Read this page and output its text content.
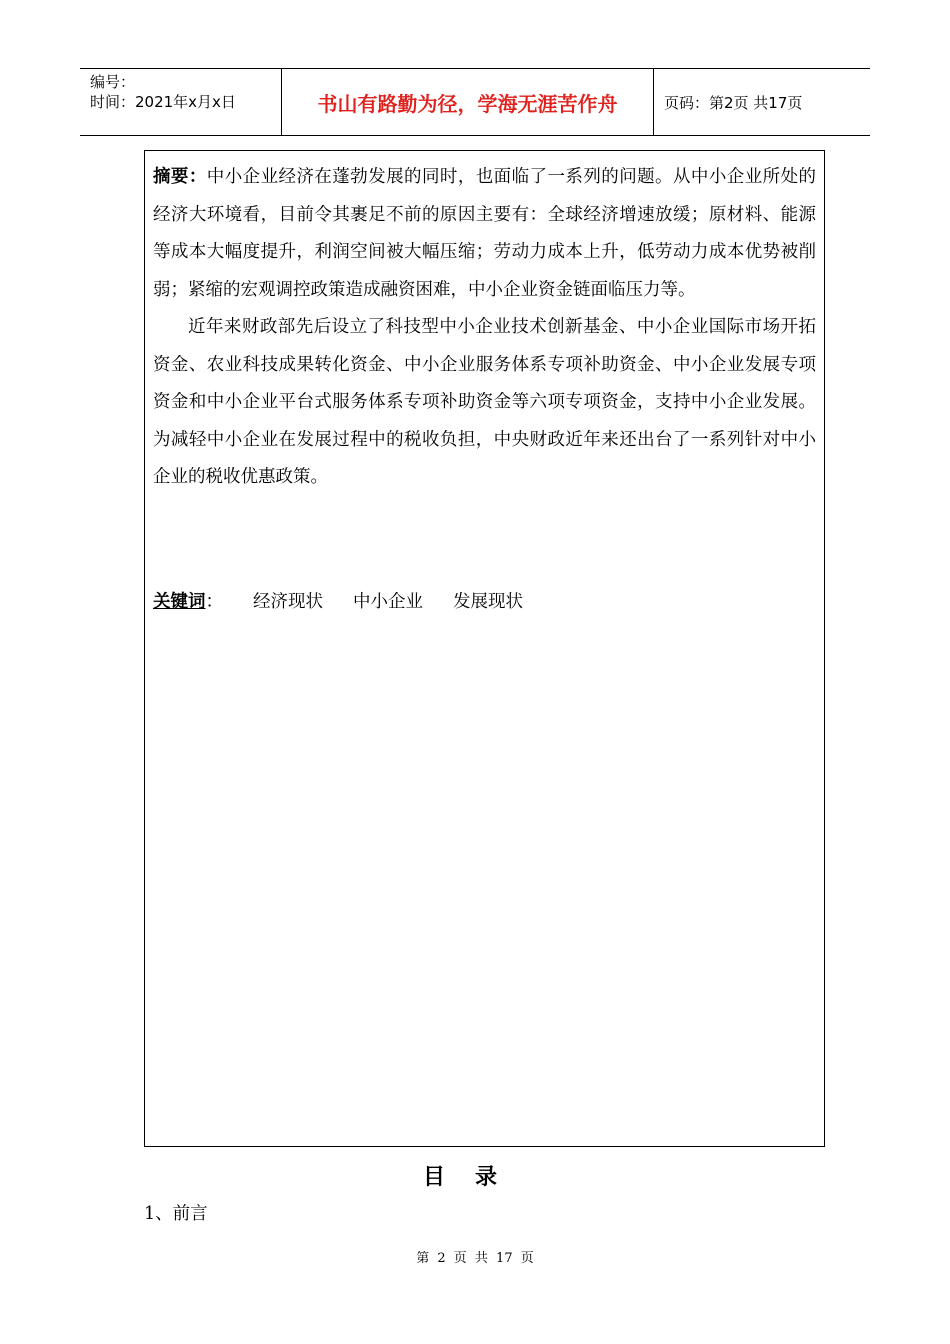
编号：
时间：2021年x月x日	书山有路勤为径，学海无涯苦作舟	页码：第2页 共17页

摘要：中小企业经济在蓬勃发展的同时，也面临了一系列的问题。从中小企业所处的经济大环境看，目前令其裹足不前的原因主要有：全球经济增速放缓；原材料、能源等成本大幅度提升，利润空间被大幅压缩；劳动力成本上升，低劳动力成本优势被削弱；紧缩的宏观调控政策造成融资困难，中小企业资金链面临压力等。

近年来财政部先后设立了科技型中小企业技术创新基金、中小企业国际市场开拓资金、农业科技成果转化资金、中小企业服务体系专项补助资金、中小企业发展专项资金和中小企业平台式服务体系专项补助资金等六项专项资金，支持中小企业发展。为减轻中小企业在发展过程中的税收负担，中央财政近年来还出台了一系列针对中小企业的税收优惠政策。

关键词 ： 经济现状 中小企业 发展现状
目录
1、前言
第 2 页 共 17 页
